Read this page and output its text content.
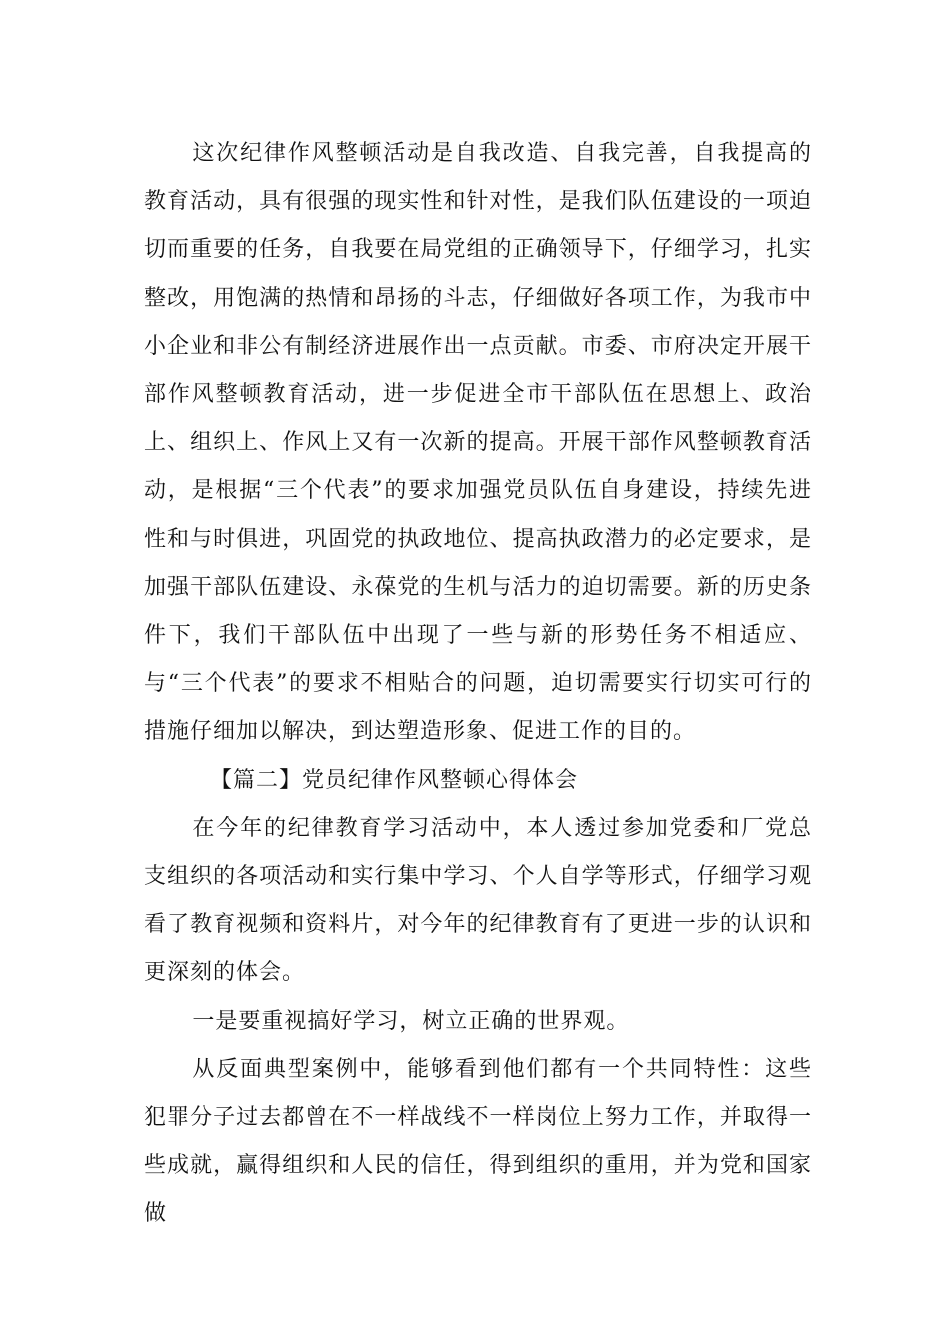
这次纪律作风整顿活动是自我改造、自我完善，自我提高的教育活动，具有很强的现实性和针对性，是我们队伍建设的一项迫切而重要的任务，自我要在局党组的正确领导下，仔细学习，扎实整改，用饱满的热情和昂扬的斗志，仔细做好各项工作，为我市中小企业和非公有制经济进展作出一点贡献。市委、市府决定开展干部作风整顿教育活动，进一步促进全市干部队伍在思想上、政治上、组织上、作风上又有一次新的提高。开展干部作风整顿教育活动，是根据“三个代表”的要求加强党员队伍自身建设，持续先进性和与时俱进，巩固党的执政地位、提高执政潜力的必定要求，是加强干部队伍建设、永葆党的生机与活力的迫切需要。新的历史条件下，我们干部队伍中出现了一些与新的形势任务不相适应、与“三个代表”的要求不相贴合的问题，迫切需要实行切实可行的措施仔细加以解决，到达塑造形象、促进工作的目的。

【篇二】党员纪律作风整顿心得体会

在今年的纪律教育学习活动中，本人透过参加党委和厂党总支组织的各项活动和实行集中学习、个人自学等形式，仔细学习观看了教育视频和资料片，对今年的纪律教育有了更进一步的认识和更深刻的体会。

一是要重视搞好学习，树立正确的世界观。

从反面典型案例中，能够看到他们都有一个共同特性：这些犯罪分子过去都曾在不一样战线不一样岗位上努力工作，并取得一些成就，赢得组织和人民的信任，得到组织的重用，并为党和国家做
